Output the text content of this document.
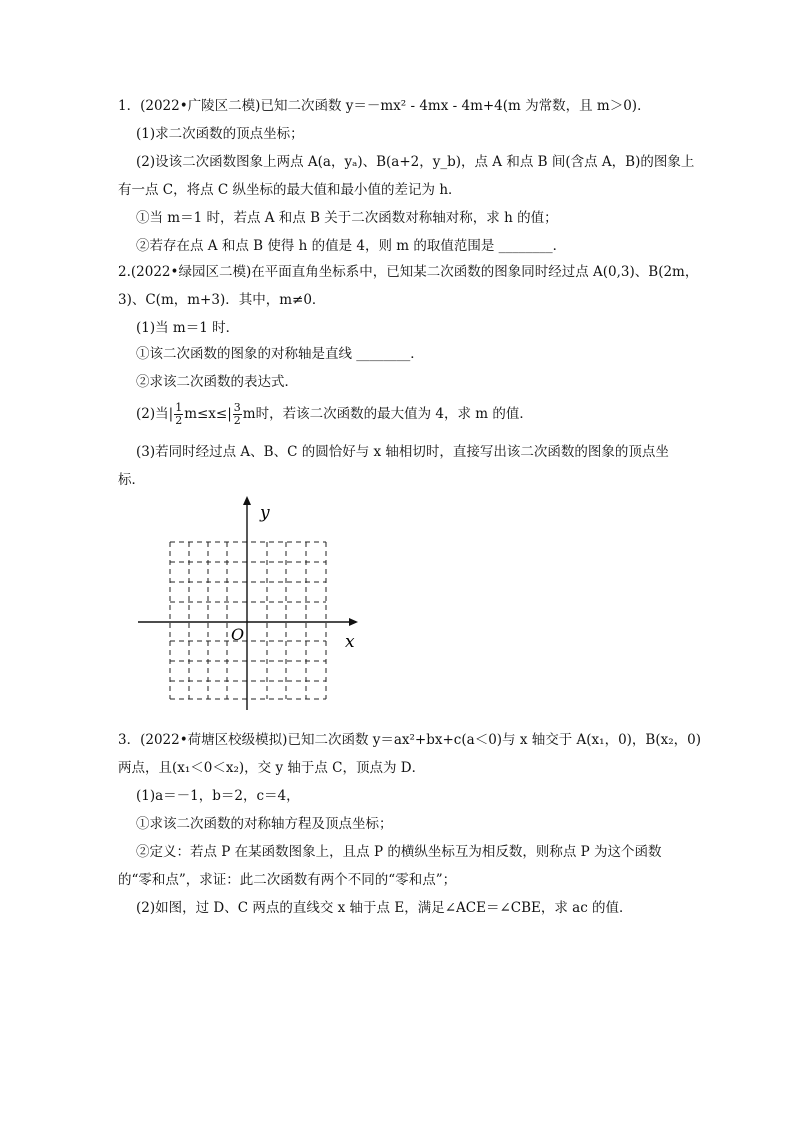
1．(2022•广陵区二模)已知二次函数 y＝－mx² - 4mx - 4m+4(m 为常数，且 m＞0)．
(1)求二次函数的顶点坐标；
(2)设该二次函数图象上两点 A(a，yₐ)、B(a+2，y_b)，点 A 和点 B 间(含点 A，B)的图象上
有一点 C，将点 C 纵坐标的最大值和最小值的差记为 h．
①当 m＝1 时，若点 A 和点 B 关于二次函数对称轴对称，求 h 的值；
②若存在点 A 和点 B 使得 h 的值是 4，则 m 的取值范围是 ________．
2.(2022•绿园区二模)在平面直角坐标系中，已知某二次函数的图象同时经过点 A(0,3)、B(2m，
3)、C(m，m+3)．其中，m≠0．
(1)当 m＝1 时．
①该二次函数的图象的对称轴是直线 ________．
②求该二次函数的表达式．
(2)当| $\frac{1}{2} m\le x\le| \frac{3}{2}$ m时，若该二次函数的最大值为 4，求 m 的值．
(3)若同时经过点 A、B、C 的圆恰好与 x 轴相切时，直接写出该二次函数的图象的顶点坐
标．
y
x
O
3．(2022•荷塘区校级模拟)已知二次函数 y＝ax²+bx+c(a＜0)与 x 轴交于 A(x₁，0)，B(x₂，0)
两点，且(x₁＜0＜x₂)，交 y 轴于点 C，顶点为 D．
(1)a＝－1，b＝2，c＝4，
①求该二次函数的对称轴方程及顶点坐标；
②定义：若点 P 在某函数图象上，且点 P 的横纵坐标互为相反数，则称点 P 为这个函数
的“零和点”，求证：此二次函数有两个不同的“零和点”；
(2)如图，过 D、C 两点的直线交 x 轴于点 E，满足∠ACE＝∠CBE，求 ac 的值．
